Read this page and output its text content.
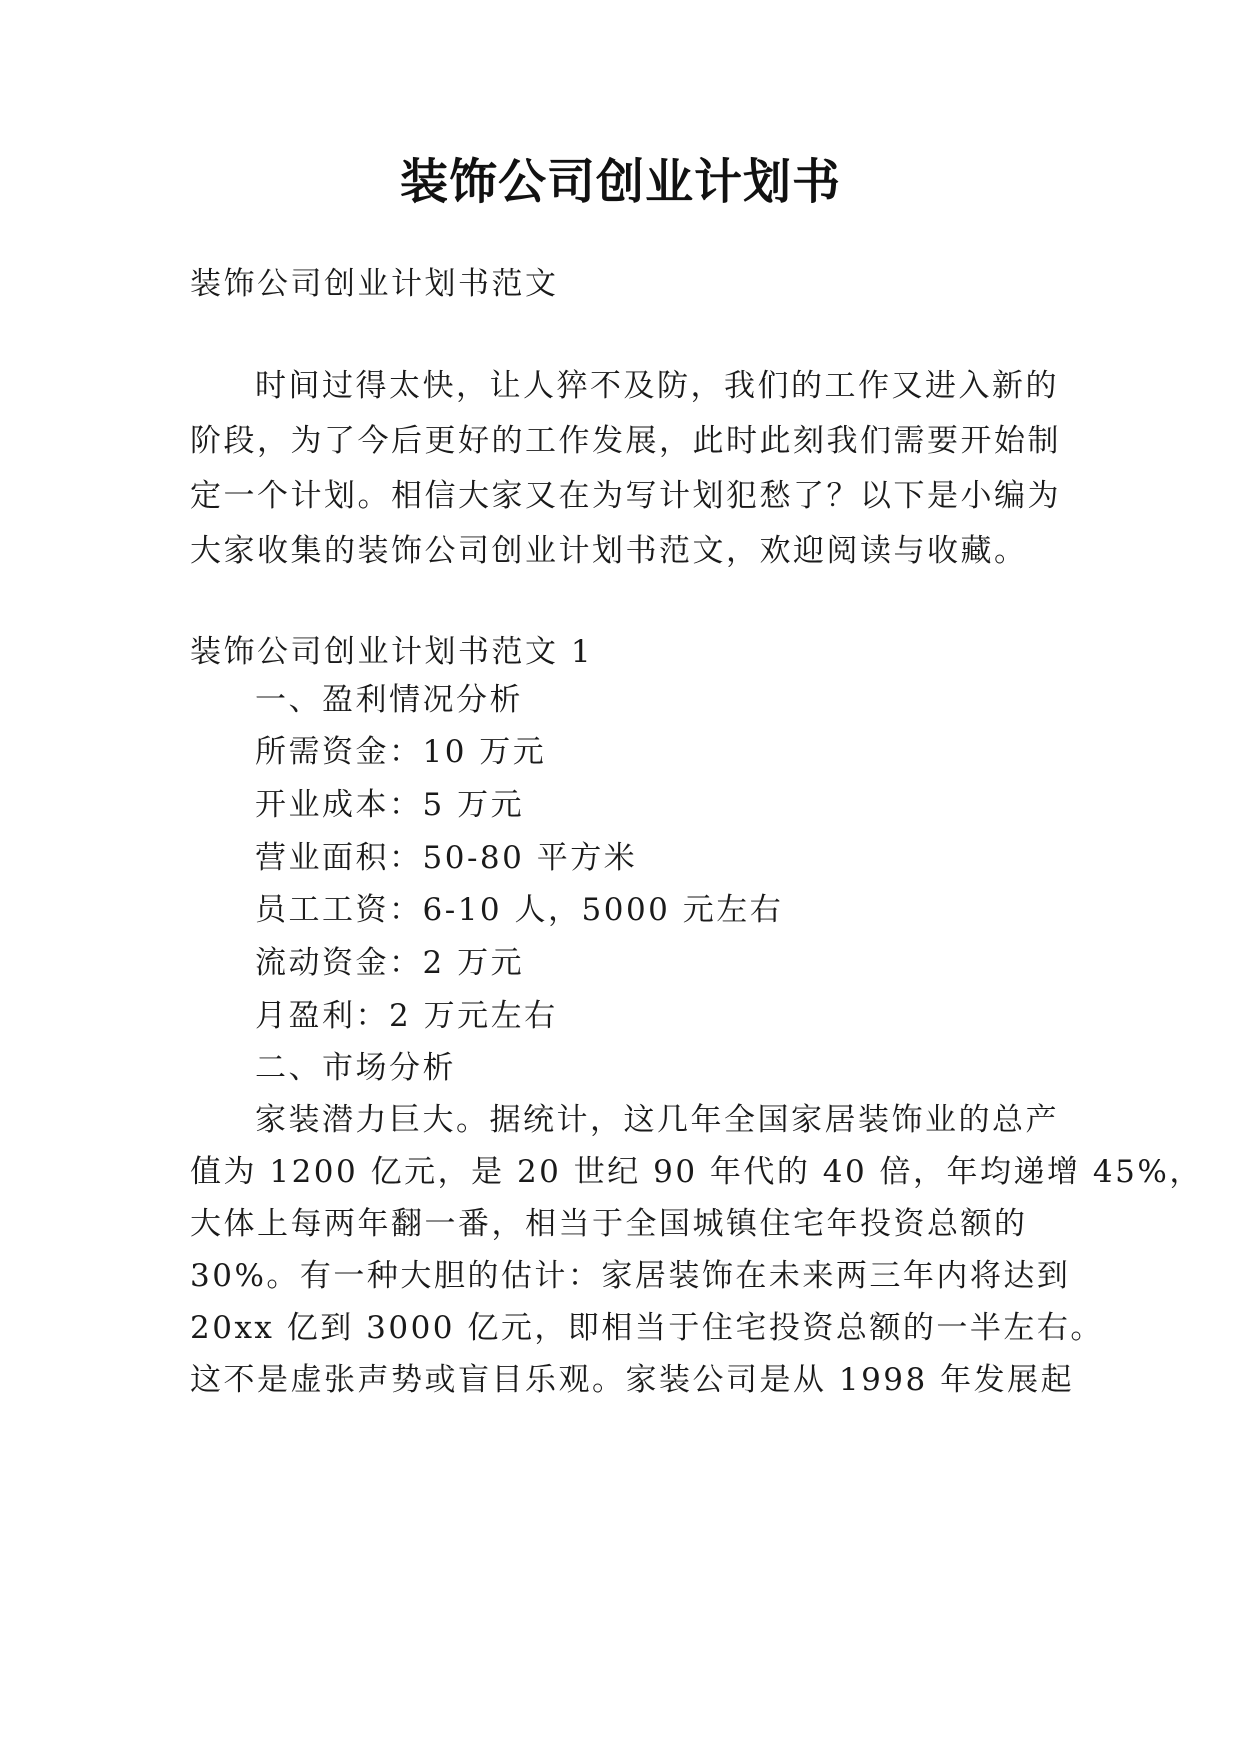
装饰公司创业计划书
装饰公司创业计划书范文
时间过得太快，让人猝不及防，我们的工作又进入新的
阶段，为了今后更好的工作发展，此时此刻我们需要开始制
定一个计划。相信大家又在为写计划犯愁了？以下是小编为
大家收集的装饰公司创业计划书范文，欢迎阅读与收藏。
装饰公司创业计划书范文 1
一、盈利情况分析
所需资金：10 万元
开业成本：5 万元
营业面积：50-80 平方米
员工工资：6-10 人，5000 元左右
流动资金：2 万元
月盈利：2 万元左右
二、市场分析
家装潜力巨大。据统计，这几年全国家居装饰业的总产
值为 1200 亿元，是 20 世纪 90 年代的 40 倍，年均递增 45%，
大体上每两年翻一番，相当于全国城镇住宅年投资总额的
30%。有一种大胆的估计：家居装饰在未来两三年内将达到
20xx 亿到 3000 亿元，即相当于住宅投资总额的一半左右。
这不是虚张声势或盲目乐观。家装公司是从 1998 年发展起
